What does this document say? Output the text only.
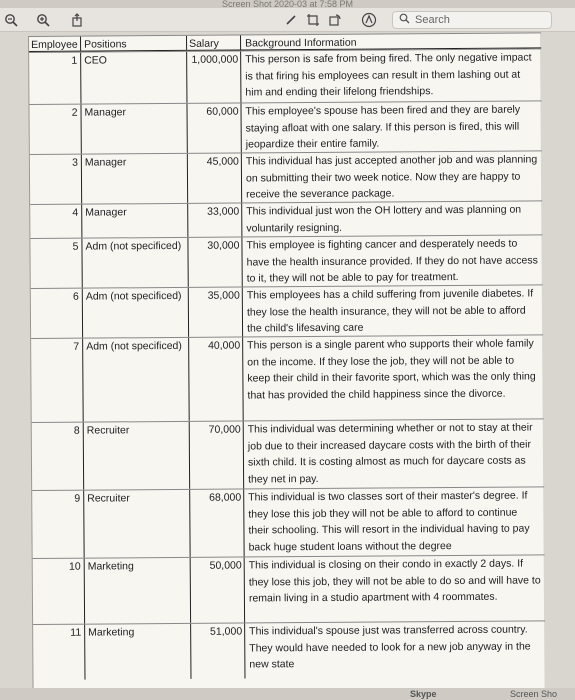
Screen Shot 2020-03 at 7:58 PM
Search
Employee Positions	Salary	Background Information
1 CEO	1,000,000 This person is safe from being fired. The only negative impact is that firing his employees can result in them lashing out at him and ending their lifelong friendships.
2 Manager	60,000 This employee's spouse has been fired and they are barely staying afloat with one salary. If this person is fired, this will jeopardize their entire family.
3 Manager	45,000 This individual has just accepted another job and was planning on submitting their two week notice. Now they are happy to receive the severance package.
4 Manager	33,000 This individual just won the OH lottery and was planning on voluntarily resigning.
5 Adm (not specificed)	30,000 This employee is fighting cancer and desperately needs to have the health insurance provided. If they do not have access to it, they will not be able to pay for treatment.
6 Adm (not specificed)	35,000 This employees has a child suffering from juvenile diabetes. If they lose the health insurance, they will not be able to afford the child's lifesaving care
7 Adm (not specificed)	40,000 This person is a single parent who supports their whole family on the income. If they lose the job, they will not be able to keep their child in their favorite sport, which was the only thing that has provided the child happiness since the divorce.
8 Recruiter	70,000 This individual was determining whether or not to stay at their job due to their increased daycare costs with the birth of their sixth child. It is costing almost as much for daycare costs as they net in pay.
9 Recruiter	68,000 This individual is two classes sort of their master's degree. If they lose this job they will not be able to afford to continue their schooling. This will resort in the individual having to pay back huge student loans without the degree
10 Marketing	50,000 This individual is closing on their condo in exactly 2 days. If they lose this job, they will not be able to do so and will have to remain living in a studio apartment with 4 roommates.
11 Marketing	51,000 This individual's spouse just was transferred across country. They would have needed to look for a new job anyway in the new state
Skype	Screen Sho
